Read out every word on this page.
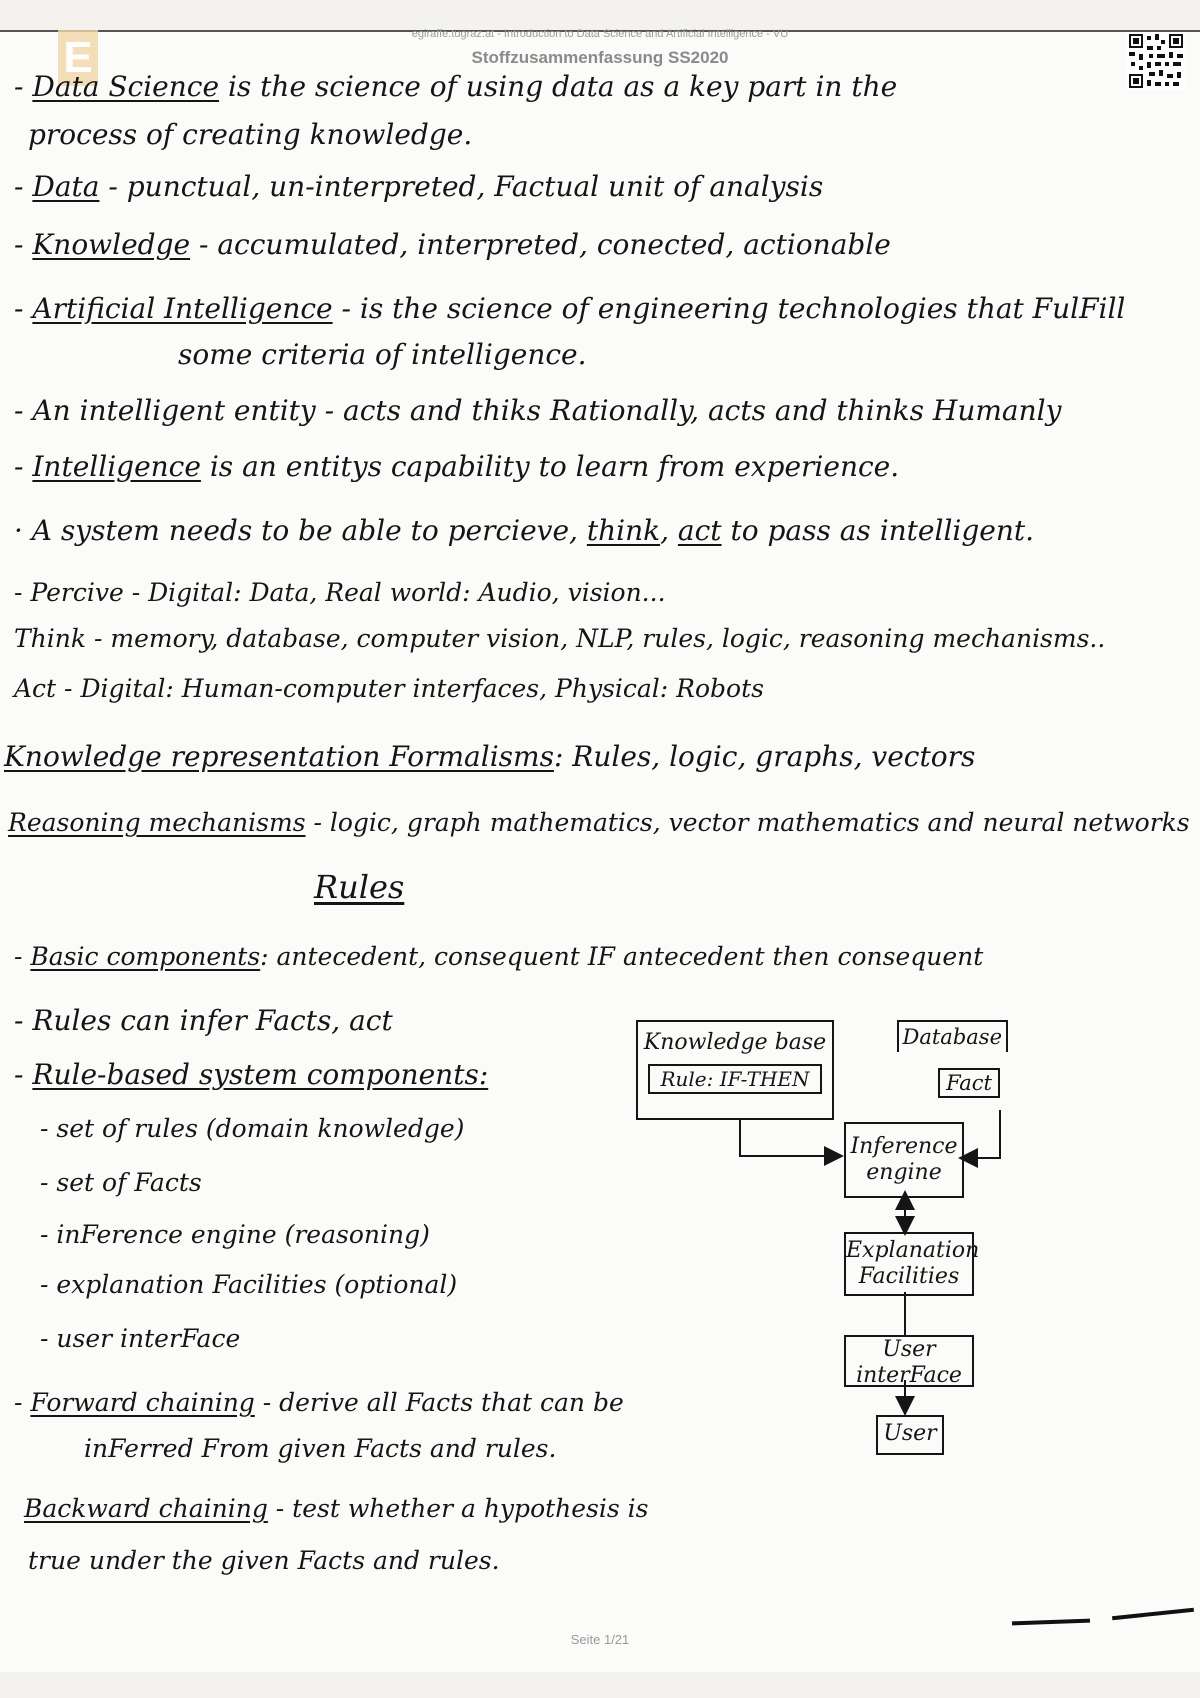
E	egiraffe.tugraz.at - Introduction to Data Science and Artificial Intelligence - VU
Stoffzusammenfassung SS2020
- Data Science is the science of using data as a key part in the
process of creating knowledge.
- Data - punctual, un-interpreted, Factual unit of analysis
- Knowledge - accumulated, interpreted, conected, actionable
- Artificial Intelligence - is the science of engineering technologies that FulFill
some criteria of intelligence.
- An intelligent entity - acts and thiks Rationally, acts and thinks Humanly
- Intelligence is an entitys capability to learn from experience.
· A system needs to be able to percieve, think, act to pass as intelligent.
- Percive - Digital: Data, Real world: Audio, vision...
Think - memory, database, computer vision, NLP, rules, logic, reasoning mechanisms..
Act - Digital: Human-computer interfaces, Physical: Robots
Knowledge representation Formalisms: Rules, logic, graphs, vectors
Reasoning mechanisms - logic, graph mathematics, vector mathematics and neural networks
Rules
- Basic components: antecedent, consequent IF antecedent then consequent
- Rules can infer Facts, act
- Rule-based system components:
- set of rules (domain knowledge)
- set of Facts
- inFerence engine (reasoning)
- explanation Facilities (optional)
- user interFace
- Forward chaining - derive all Facts that can be
inFerred From given Facts and rules.
Backward chaining - test whether a hypothesis is
true under the given Facts and rules.
Knowledge base
Rule: IF-THEN
Database
Fact
Inference engine
Explanation Facilities
User interFace
User
Seite 1/21
